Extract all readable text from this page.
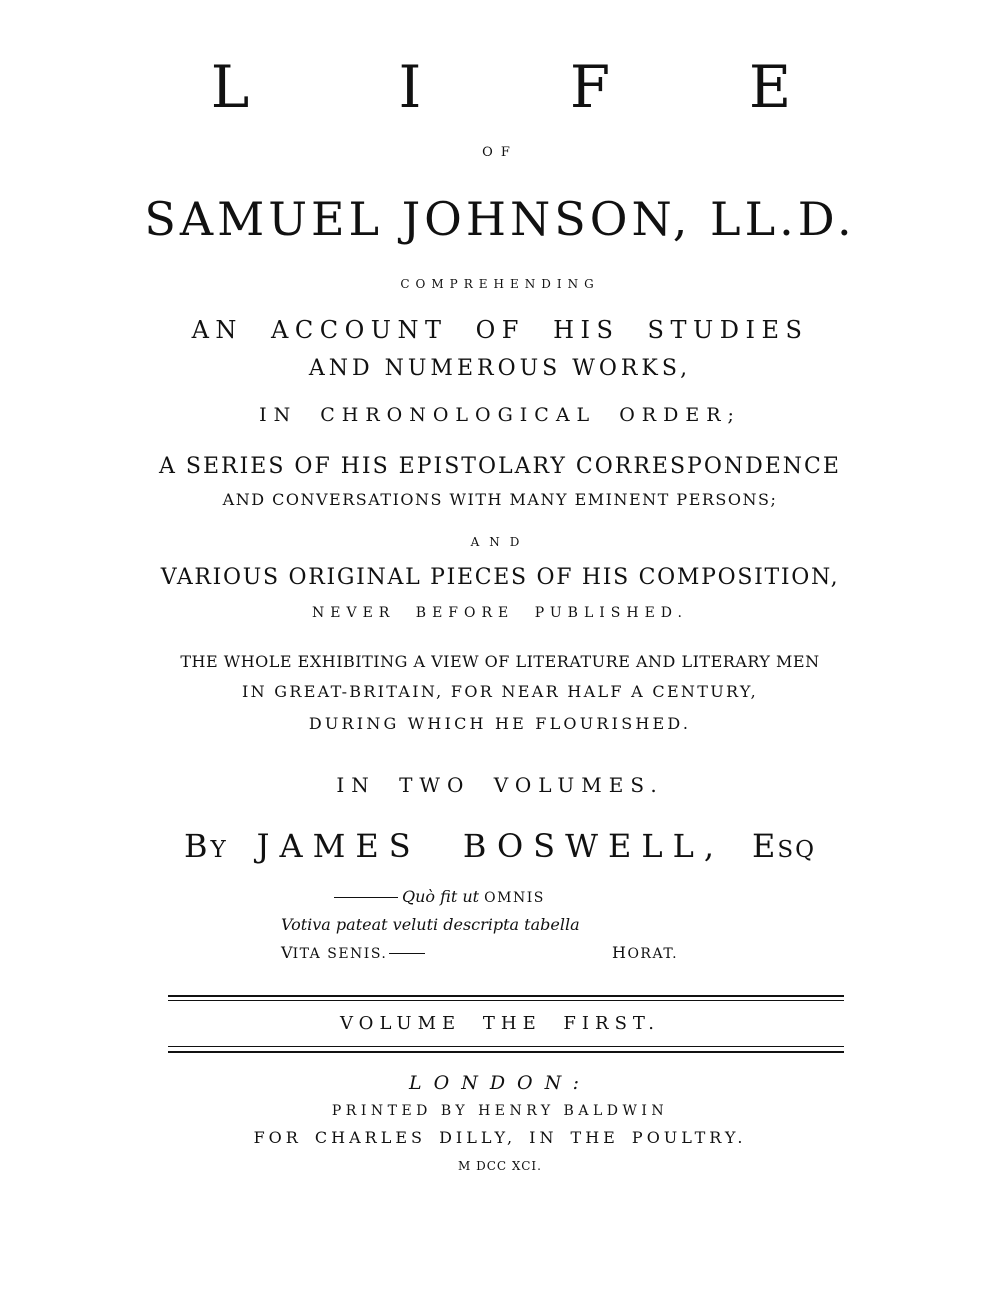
L	I	F E
OF
SAMUEL JOHNSON, LL.D.
COMPREHENDING
AN ACCOUNT OF HIS STUDIES
AND NUMEROUS WORKS,
IN CHRONOLOGICAL ORDER;
A SERIES OF HIS EPISTOLARY CORRESPONDENCE
AND CONVERSATIONS WITH MANY EMINENT PERSONS;
AND
VARIOUS ORIGINAL PIECES OF HIS COMPOSITION,
NEVER BEFORE PUBLISHED.
THE WHOLE EXHIBITING A VIEW OF LITERATURE AND LITERARY MEN
IN GREAT-BRITAIN, FOR NEAR HALF A CENTURY,
DURING WHICH HE FLOURISHED.
IN TWO VOLUMES.
BY JAMES BOSWELL, ESQ
Quò fit ut OMNIS
Votiva pateat veluti descripta tabella
VITA SENIS.	HORAT.
VOLUME THE FIRST.
LONDON:
PRINTED BY HENRY BALDWIN
FOR CHARLES DILLY, IN THE POULTRY.
M DCC XCI.
